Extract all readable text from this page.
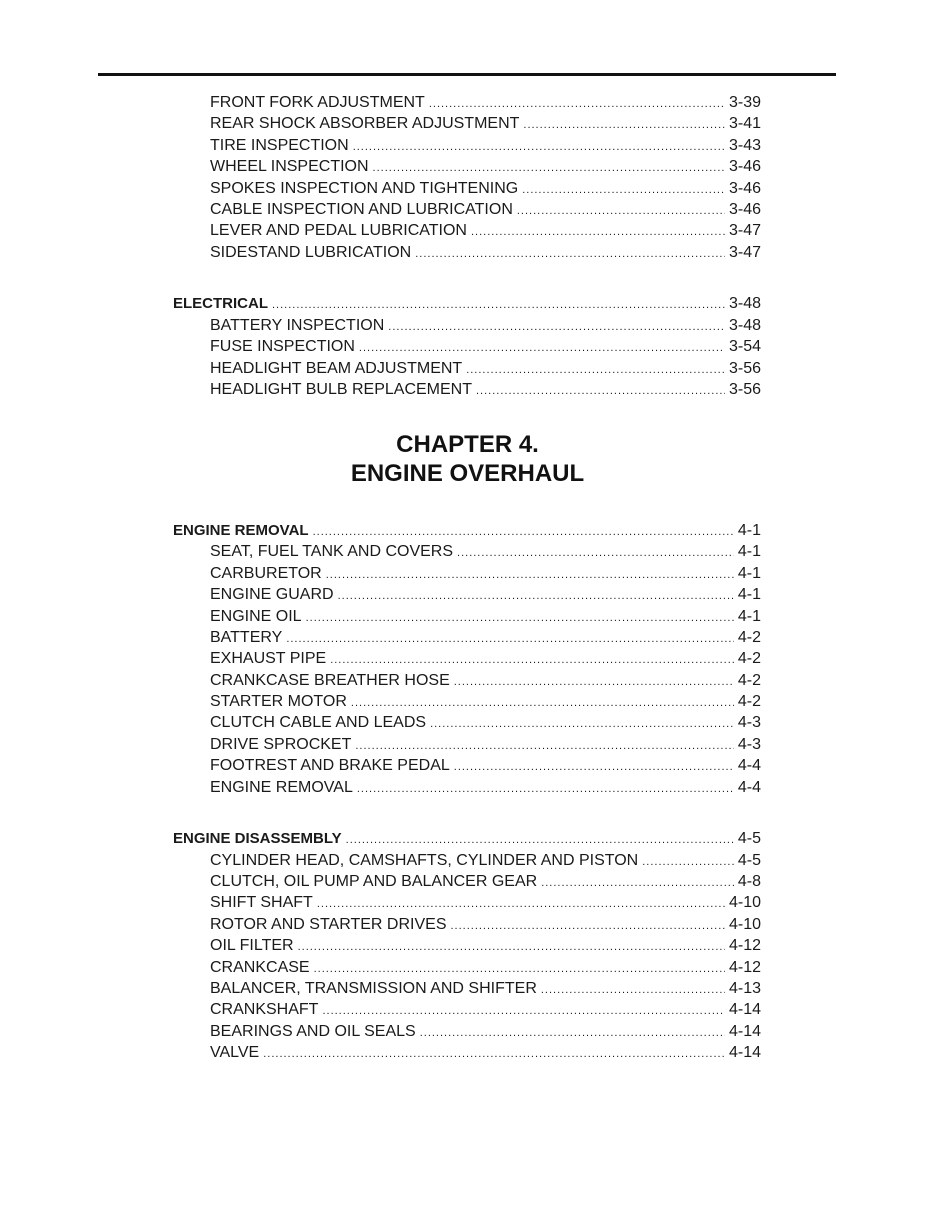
FRONT FORK ADJUSTMENT .....	3-39
REAR SHOCK ABSORBER ADJUSTMENT .....	3-41
TIRE INSPECTION .....	3-43
WHEEL INSPECTION .....	3-46
SPOKES INSPECTION AND TIGHTENING .....	3-46
CABLE INSPECTION AND LUBRICATION .....	3-46
LEVER AND PEDAL LUBRICATION .....	3-47
SIDESTAND LUBRICATION .....	3-47
ELECTRICAL .....	3-48
BATTERY INSPECTION .....	3-48
FUSE INSPECTION .....	3-54
HEADLIGHT BEAM ADJUSTMENT .....	3-56
HEADLIGHT BULB REPLACEMENT .....	3-56
CHAPTER 4.
ENGINE OVERHAUL
ENGINE REMOVAL .....	4-1
SEAT, FUEL TANK AND COVERS .....	4-1
CARBURETOR .....	4-1
ENGINE GUARD .....	4-1
ENGINE OIL .....	4-1
BATTERY .....	4-2
EXHAUST PIPE .....	4-2
CRANKCASE BREATHER HOSE .....	4-2
STARTER MOTOR .....	4-2
CLUTCH CABLE AND LEADS .....	4-3
DRIVE SPROCKET .....	4-3
FOOTREST AND BRAKE PEDAL .....	4-4
ENGINE REMOVAL .....	4-4
ENGINE DISASSEMBLY .....	4-5
CYLINDER HEAD, CAMSHAFTS, CYLINDER AND PISTON .....	4-5
CLUTCH, OIL PUMP AND BALANCER GEAR .....	4-8
SHIFT SHAFT .....	4-10
ROTOR AND STARTER DRIVES .....	4-10
OIL FILTER .....	4-12
CRANKCASE .....	4-12
BALANCER, TRANSMISSION AND SHIFTER .....	4-13
CRANKSHAFT .....	4-14
BEARINGS AND OIL SEALS .....	4-14
VALVE .....	4-14
